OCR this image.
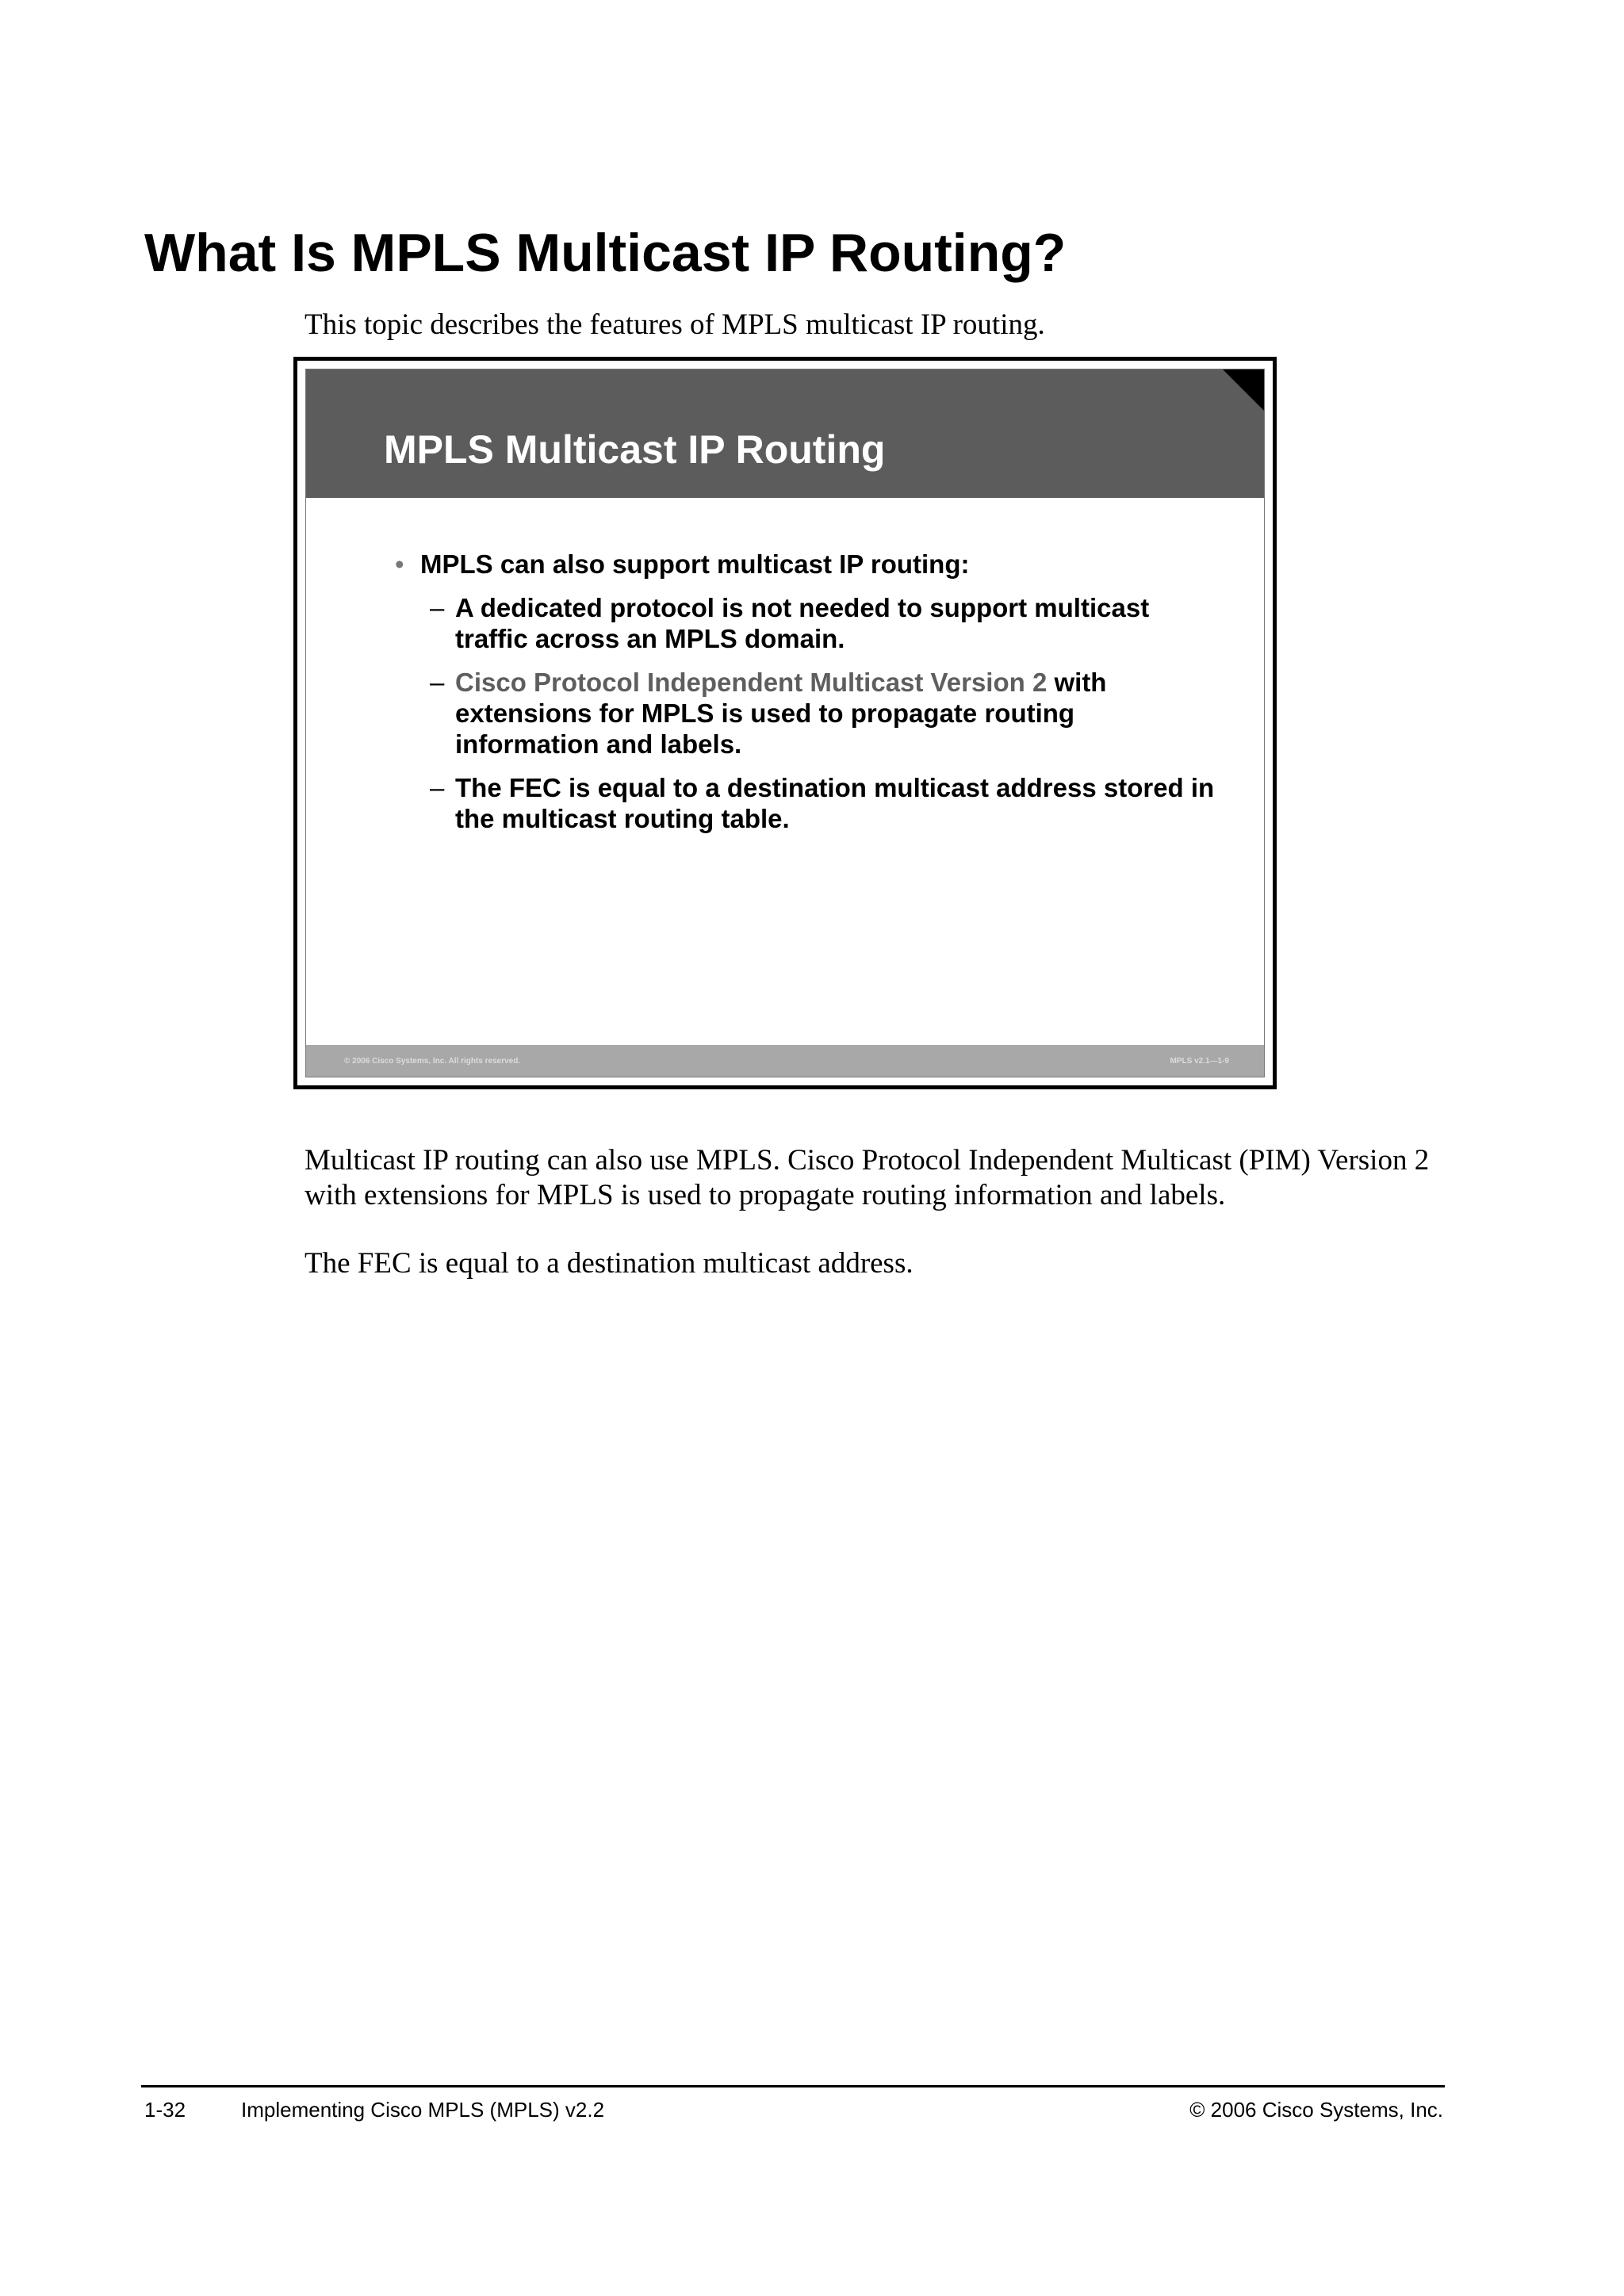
What Is MPLS Multicast IP Routing?
This topic describes the features of MPLS multicast IP routing.
MPLS Multicast IP Routing
• MPLS can also support multicast IP routing:
– A dedicated protocol is not needed to support multicast traffic across an MPLS domain.
– Cisco Protocol Independent Multicast Version 2 with extensions for MPLS is used to propagate routing information and labels.
– The FEC is equal to a destination multicast address stored in the multicast routing table.
© 2006 Cisco Systems, Inc. All rights reserved.	MPLS v2.1—1-9

Multicast IP routing can also use MPLS. Cisco Protocol Independent Multicast (PIM) Version 2 with extensions for MPLS is used to propagate routing information and labels.

The FEC is equal to a destination multicast address.

1-32	Implementing Cisco MPLS (MPLS) v2.2	© 2006 Cisco Systems, Inc.
